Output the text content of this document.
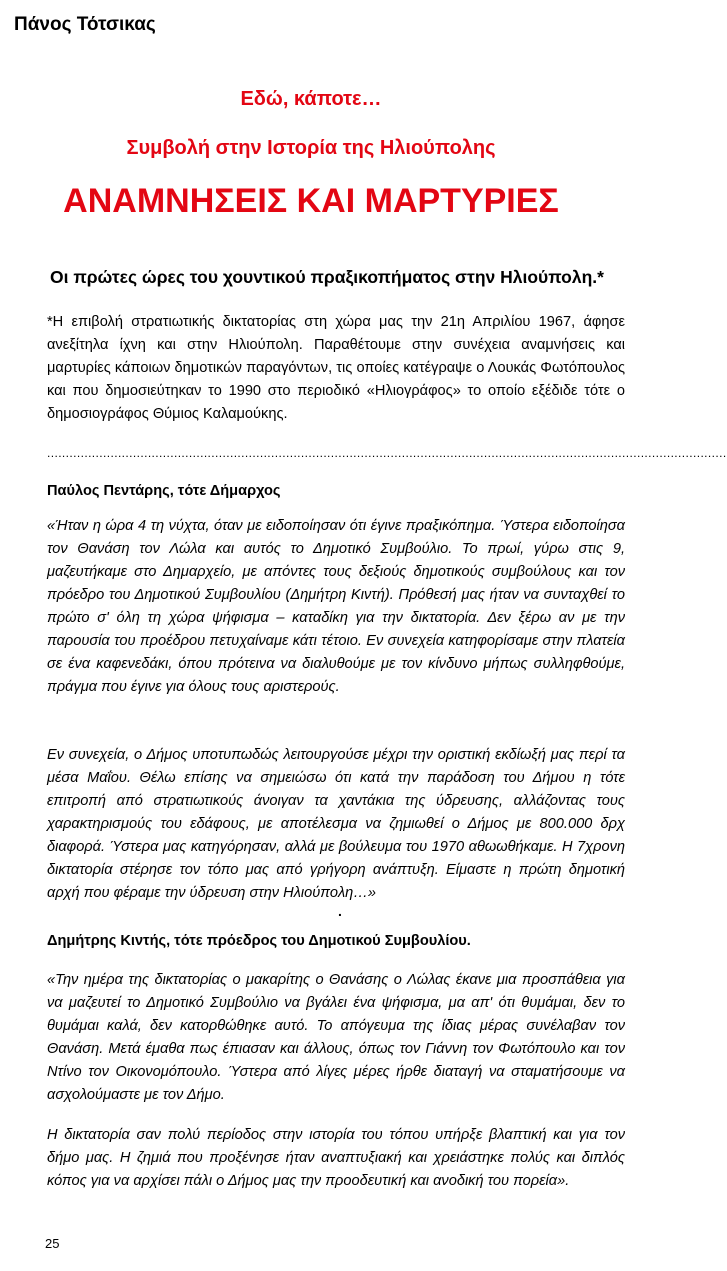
Πάνος Τότσικας
Εδώ, κάποτε…
Συμβολή στην Ιστορία της Ηλιούπολης
ΑΝΑΜΝΗΣΕΙΣ ΚΑΙ ΜΑΡΤΥΡΙΕΣ
Οι πρώτες ώρες του χουντικού πραξικοπήματος στην Ηλιούπολη.*

*Η επιβολή στρατιωτικής δικτατορίας στη χώρα μας την 21η Απριλίου 1967, άφησε ανεξίτηλα ίχνη και στην Ηλιούπολη. Παραθέτουμε στην συνέχεια αναμνήσεις και μαρτυρίες κάποιων δημοτικών παραγόντων, τις οποίες κατέγραψε ο Λουκάς Φωτόπουλος και που δημοσιεύτηκαν το 1990 στο περιοδικό «Ηλιογράφος» το οποίο εξέδιδε τότε ο δημοσιογράφος Θύμιος Καλαμούκης.

......................................................................................................................................................................................
Παύλος Πεντάρης, τότε Δήμαρχος

«Ήταν η ώρα 4 τη νύχτα, όταν με ειδοποίησαν ότι έγινε πραξικόπημα. Ύστερα ειδοποίησα τον Θανάση τον Λώλα και αυτός το Δημοτικό Συμβούλιο. Το πρωί, γύρω στις 9, μαζευτήκαμε στο Δημαρχείο, με απόντες τους δεξιούς δημοτικούς συμβούλους και τον πρόεδρο του Δημοτικού Συμβουλίου (Δημήτρη Κιντή). Πρόθεσή μας ήταν να συνταχθεί το πρώτο σ' όλη τη χώρα ψήφισμα – καταδίκη για την δικτατορία. Δεν ξέρω αν με την παρουσία του προέδρου πετυχαίναμε κάτι τέτοιο. Εν συνεχεία κατηφορίσαμε στην πλατεία σε ένα καφενεδάκι, όπου πρότεινα να διαλυθούμε με τον κίνδυνο μήπως συλληφθούμε, πράγμα που έγινε για όλους τους αριστερούς.

Εν συνεχεία, ο Δήμος υποτυπωδώς λειτουργούσε μέχρι την οριστική εκδίωξή μας περί τα μέσα Μαΐου. Θέλω επίσης να σημειώσω ότι κατά την παράδοση του Δήμου η τότε επιτροπή από στρατιωτικούς άνοιγαν τα χαντάκια της ύδρευσης, αλλάζοντας τους χαρακτηρισμούς του εδάφους, με αποτέλεσμα να ζημιωθεί ο Δήμος με 800.000 δρχ διαφορά. Ύστερα μας κατηγόρησαν, αλλά με βούλευμα του 1970 αθωωθήκαμε. Η 7χρονη δικτατορία στέρησε τον τόπο μας από γρήγορη ανάπτυξη. Είμαστε η πρώτη δημοτική αρχή που φέραμε την ύδρευση στην Ηλιούπολη…»

.
Δημήτρης Κιντής, τότε πρόεδρος του Δημοτικού Συμβουλίου.

«Την ημέρα της δικτατορίας ο μακαρίτης ο Θανάσης ο Λώλας έκανε μια προσπάθεια για να μαζευτεί το Δημοτικό Συμβούλιο να βγάλει ένα ψήφισμα, μα απ' ότι θυμάμαι, δεν το θυμάμαι καλά, δεν κατορθώθηκε αυτό. Το απόγευμα της ίδιας μέρας συνέλαβαν τον Θανάση. Μετά έμαθα πως έπιασαν και άλλους, όπως τον Γιάννη τον Φωτόπουλο και τον Ντίνο τον Οικονομόπουλο. Ύστερα από λίγες μέρες ήρθε διαταγή να σταματήσουμε να ασχολούμαστε με τον Δήμο.

Η δικτατορία σαν πολύ περίοδος στην ιστορία του τόπου υπήρξε βλαπτική και για τον δήμο μας. Η ζημιά που προξένησε ήταν αναπτυξιακή και χρειάστηκε πολύς και διπλός κόπος για να αρχίσει πάλι ο Δήμος μας την προοδευτική και ανοδική του πορεία».

25
